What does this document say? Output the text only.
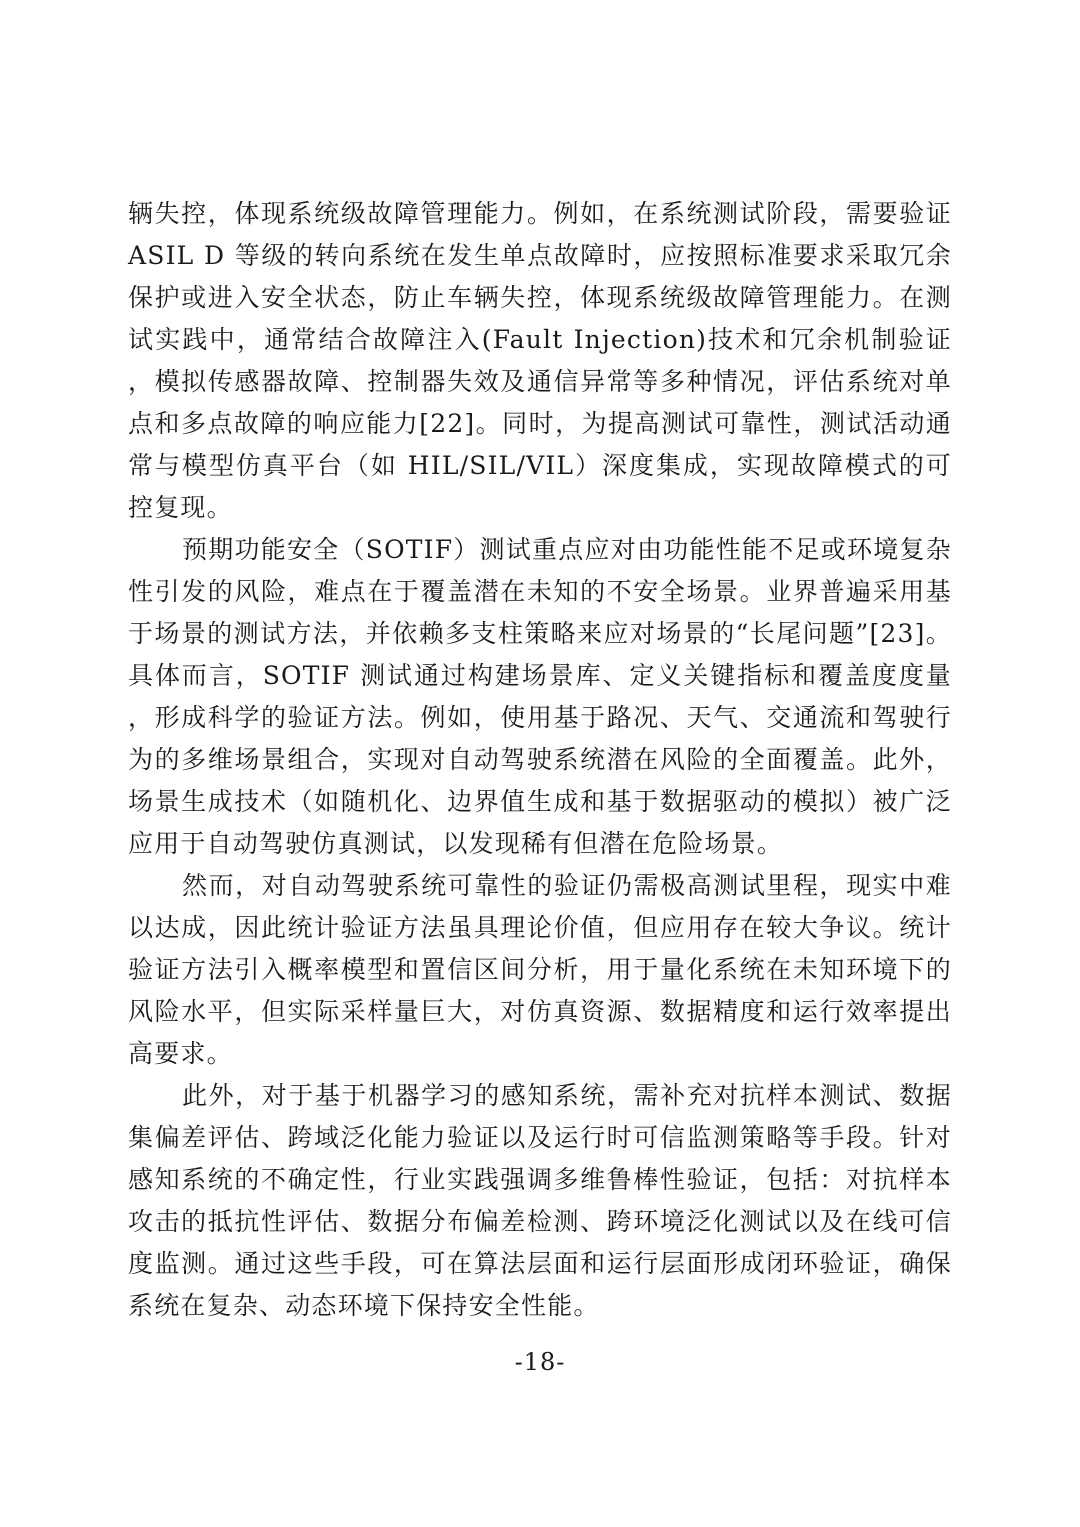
辆失控，体现系统级故障管理能力。例如，在系统测试阶段，需要验证ASIL D 等级的转向系统在发生单点故障时，应按照标准要求采取冗余保护或进入安全状态，防止车辆失控，体现系统级故障管理能力。在测试实践中，通常结合故障注入(Fault Injection)技术和冗余机制验证，模拟传感器故障、控制器失效及通信异常等多种情况，评估系统对单点和多点故障的响应能力[22]。同时，为提高测试可靠性，测试活动通常与模型仿真平台（如 HIL/SIL/VIL）深度集成，实现故障模式的可控复现。

预期功能安全（SOTIF）测试重点应对由功能性能不足或环境复杂性引发的风险，难点在于覆盖潜在未知的不安全场景。业界普遍采用基于场景的测试方法，并依赖多支柱策略来应对场景的“长尾问题”[23]。具体而言，SOTIF 测试通过构建场景库、定义关键指标和覆盖度度量，形成科学的验证方法。例如，使用基于路况、天气、交通流和驾驶行为的多维场景组合，实现对自动驾驶系统潜在风险的全面覆盖。此外，场景生成技术（如随机化、边界值生成和基于数据驱动的模拟）被广泛应用于自动驾驶仿真测试，以发现稀有但潜在危险场景。

然而，对自动驾驶系统可靠性的验证仍需极高测试里程，现实中难以达成，因此统计验证方法虽具理论价值，但应用存在较大争议。统计验证方法引入概率模型和置信区间分析，用于量化系统在未知环境下的风险水平，但实际采样量巨大，对仿真资源、数据精度和运行效率提出高要求。

此外，对于基于机器学习的感知系统，需补充对抗样本测试、数据集偏差评估、跨域泛化能力验证以及运行时可信监测策略等手段。针对感知系统的不确定性，行业实践强调多维鲁棒性验证，包括：对抗样本攻击的抵抗性评估、数据分布偏差检测、跨环境泛化测试以及在线可信度监测。通过这些手段，可在算法层面和运行层面形成闭环验证，确保系统在复杂、动态环境下保持安全性能。

-18-
